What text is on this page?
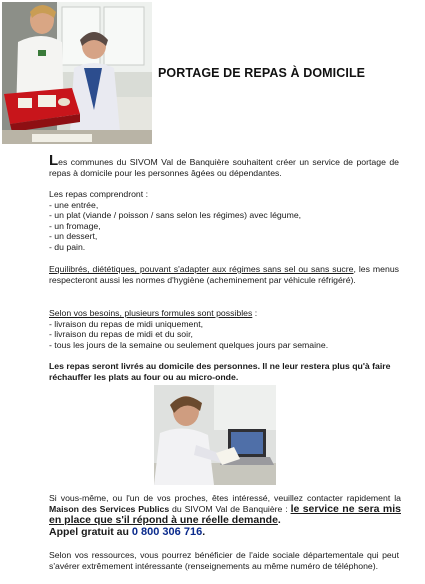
PORTAGE DE REPAS À DOMICILE
Les communes du SIVOM Val de Banquière souhaitent créer un service de portage de repas à domicile pour les personnes âgées ou dépendantes.
Les repas comprendront :
- une entrée,
- un plat (viande / poisson / sans selon les régimes) avec légume,
- un fromage,
- un dessert,
- du pain.
Equilibrés, diététiques, pouvant s'adapter aux régimes sans sel ou sans sucre, les menus respecteront aussi les normes d'hygiène (acheminement par véhicule réfrigéré).
Selon vos besoins, plusieurs formules sont possibles :
- livraison du repas de midi uniquement,
- livraison du repas de midi et du soir,
- tous les jours de la semaine ou seulement quelques jours par semaine.
Les repas seront livrés au domicile des personnes. Il ne leur restera plus qu'à faire réchauffer les plats au four ou au micro-onde.
Si vous-même, ou l'un de vos proches, êtes intéressé, veuillez contacter rapidement la Maison des Services Publics du SIVOM Val de Banquière : le service ne sera mis en place que s'il répond à une réelle demande.
Appel gratuit au 0 800 306 716.
Selon vos ressources, vous pourrez bénéficier de l'aide sociale départementale qui peut s'avérer extrêmement intéressante (renseignements au même numéro de téléphone).
